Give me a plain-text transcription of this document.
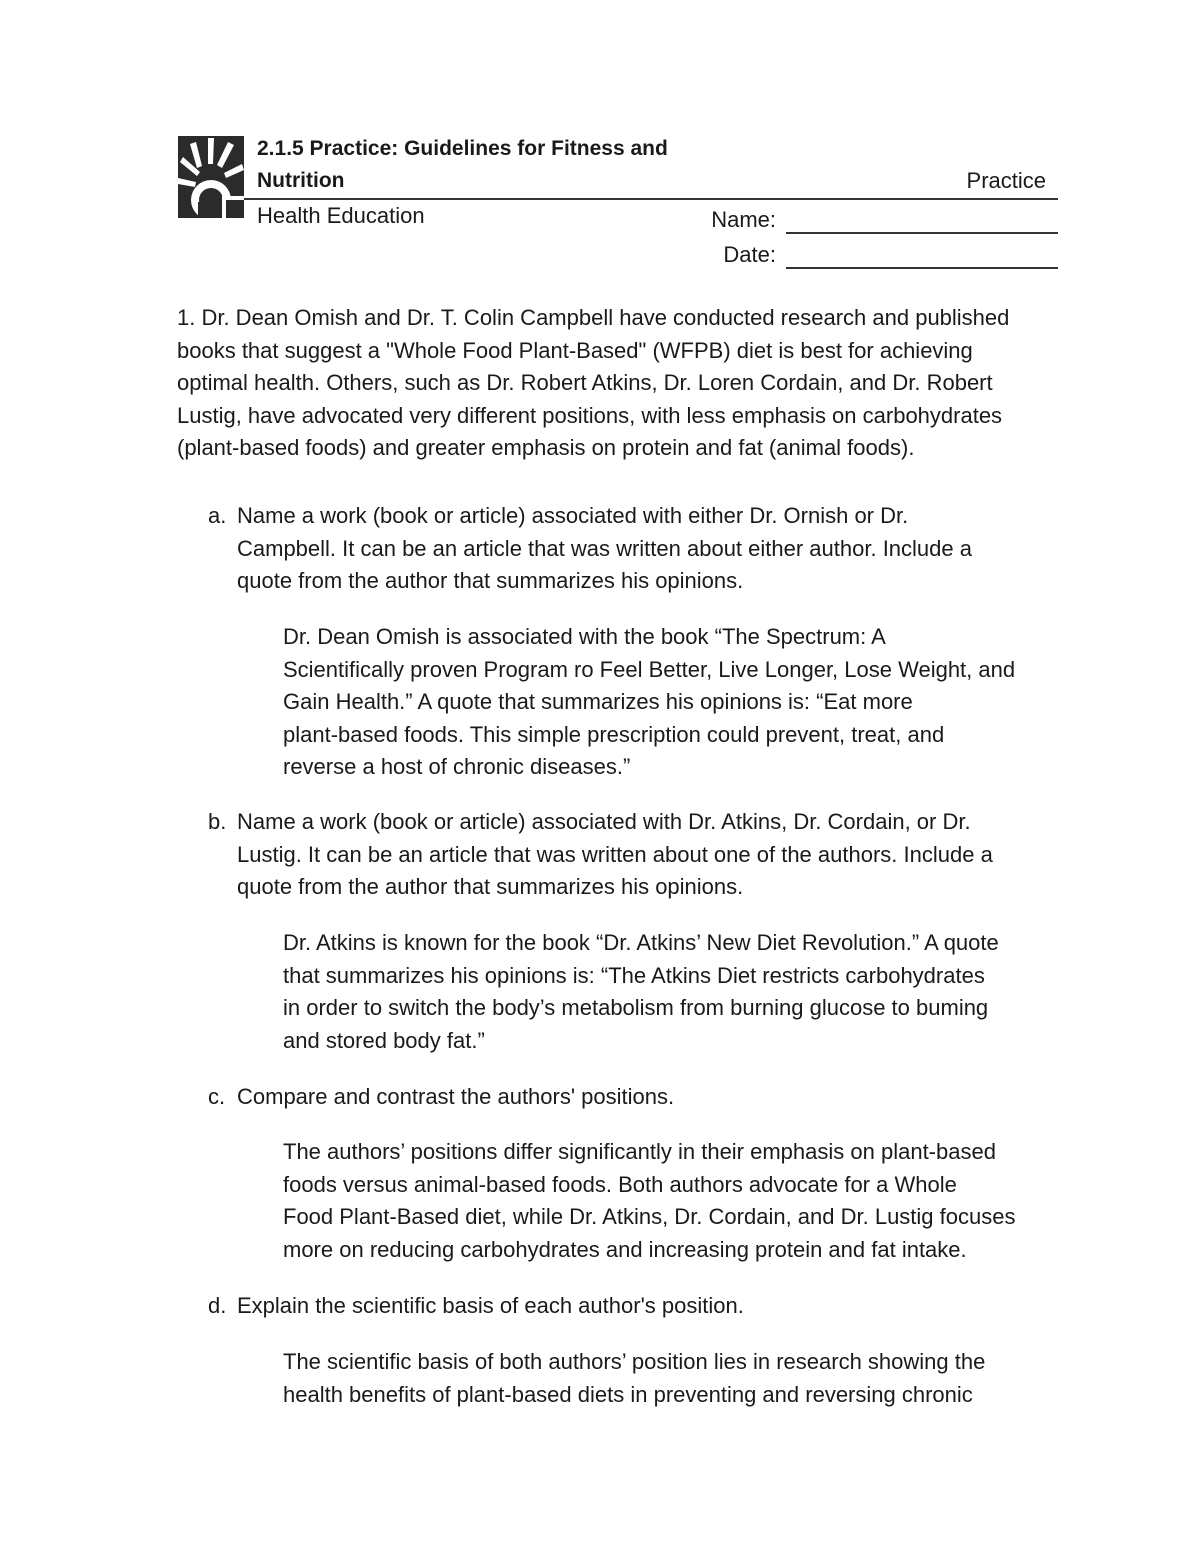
2.1.5 Practice: Guidelines for Fitness and
Nutrition	Practice
Health Education	Name:
Date:
1. Dr. Dean Omish and Dr. T. Colin Campbell have conducted research and published
books that suggest a "Whole Food Plant-Based" (WFPB) diet is best for achieving
optimal health. Others, such as Dr. Robert Atkins, Dr. Loren Cordain, and Dr. Robert
Lustig, have advocated very different positions, with less emphasis on carbohydrates
(plant-based foods) and greater emphasis on protein and fat (animal foods).
a. Name a work (book or article) associated with either Dr. Ornish or Dr.
Campbell. It can be an article that was written about either author. Include a
quote from the author that summarizes his opinions.
Dr. Dean Omish is associated with the book “The Spectrum: A
Scientifically proven Program ro Feel Better, Live Longer, Lose Weight, and
Gain Health.” A quote that summarizes his opinions is: “Eat more
plant-based foods. This simple prescription could prevent, treat, and
reverse a host of chronic diseases.”
b. Name a work (book or article) associated with Dr. Atkins, Dr. Cordain, or Dr.
Lustig. It can be an article that was written about one of the authors. Include a
quote from the author that summarizes his opinions.
Dr. Atkins is known for the book “Dr. Atkins’ New Diet Revolution.” A quote
that summarizes his opinions is: “The Atkins Diet restricts carbohydrates
in order to switch the body’s metabolism from burning glucose to buming
and stored body fat.”
c. Compare and contrast the authors' positions.
The authors’ positions differ significantly in their emphasis on plant-based
foods versus animal-based foods. Both authors advocate for a Whole
Food Plant-Based diet, while Dr. Atkins, Dr. Cordain, and Dr. Lustig focuses
more on reducing carbohydrates and increasing protein and fat intake.
d. Explain the scientific basis of each author's position.
The scientific basis of both authors’ position lies in research showing the
health benefits of plant-based diets in preventing and reversing chronic
